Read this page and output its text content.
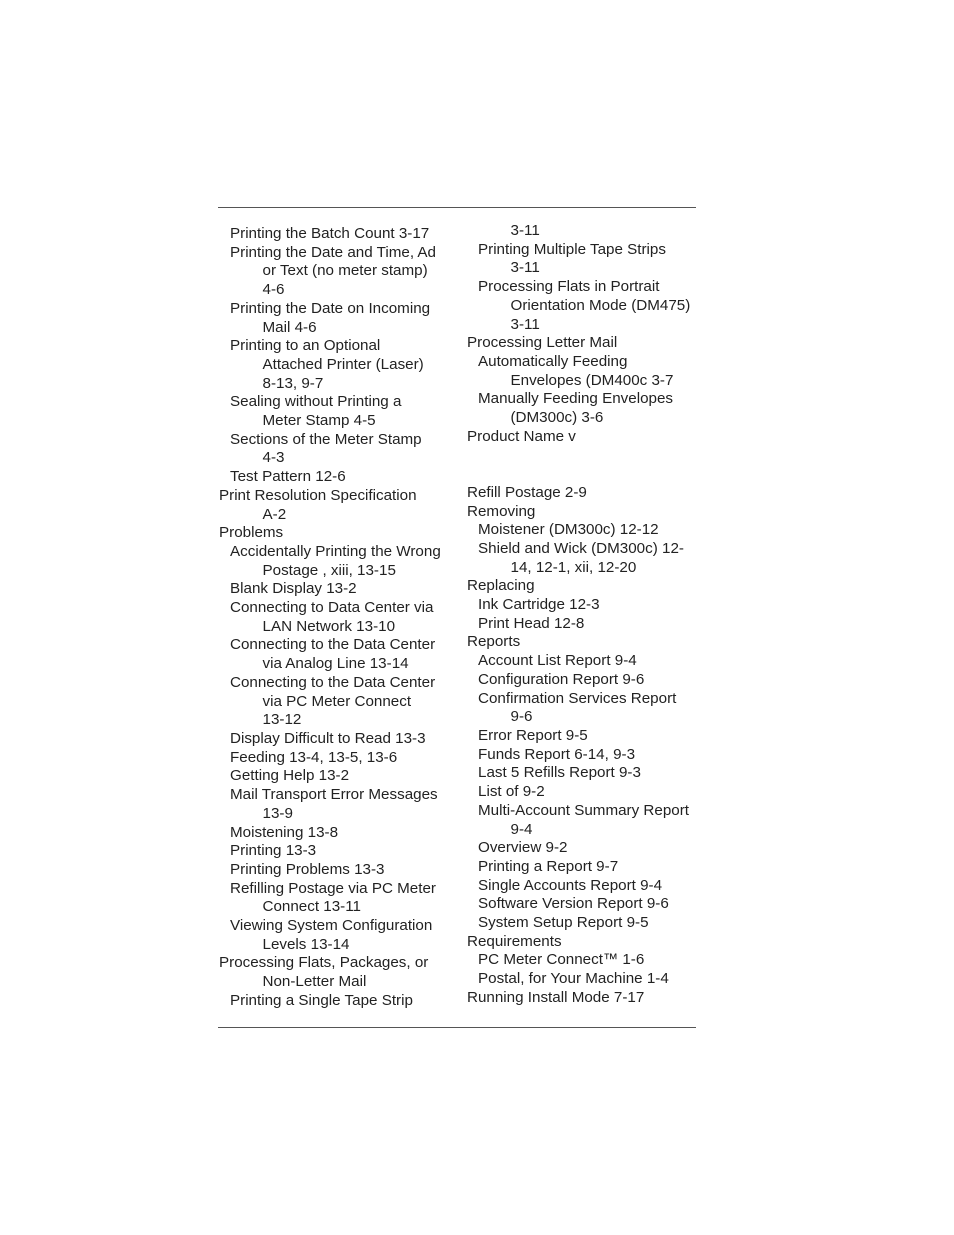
Printing the Batch Count 3-17
Printing the Date and Time, Ad
or Text (no meter stamp)
4-6
Printing the Date on Incoming
Mail 4-6
Printing to an Optional
Attached Printer (Laser)
8-13, 9-7
Sealing without Printing a
Meter Stamp 4-5
Sections of the Meter Stamp
4-3
Test Pattern 12-6
Print Resolution Specification
A-2
Problems
Accidentally Printing the Wrong
Postage , xiii, 13-15
Blank Display 13-2
Connecting to Data Center via
LAN Network 13-10
Connecting to the Data Center
via Analog Line 13-14
Connecting to the Data Center
via PC Meter Connect
13-12
Display Difficult to Read 13-3
Feeding 13-4, 13-5, 13-6
Getting Help 13-2
Mail Transport Error Messages
13-9
Moistening 13-8
Printing 13-3
Printing Problems 13-3
Refilling Postage via PC Meter
Connect 13-11
Viewing System Configuration
Levels 13-14
Processing Flats, Packages, or
Non-Letter Mail
Printing a Single Tape Strip
3-11
Printing Multiple Tape Strips
3-11
Processing Flats in Portrait
Orientation Mode (DM475)
3-11
Processing Letter Mail
Automatically Feeding
Envelopes (DM400c 3-7
Manually Feeding Envelopes
(DM300c) 3-6
Product Name v

Refill Postage 2-9
Removing
Moistener (DM300c) 12-12
Shield and Wick (DM300c) 12-
14, 12-1, xii, 12-20
Replacing
Ink Cartridge 12-3
Print Head 12-8
Reports
Account List Report 9-4
Configuration Report 9-6
Confirmation Services Report
9-6
Error Report 9-5
Funds Report 6-14, 9-3
Last 5 Refills Report 9-3
List of 9-2
Multi-Account Summary Report
9-4
Overview 9-2
Printing a Report 9-7
Single Accounts Report 9-4
Software Version Report 9-6
System Setup Report 9-5
Requirements
PC Meter Connect™ 1-6
Postal, for Your Machine 1-4
Running Install Mode 7-17
